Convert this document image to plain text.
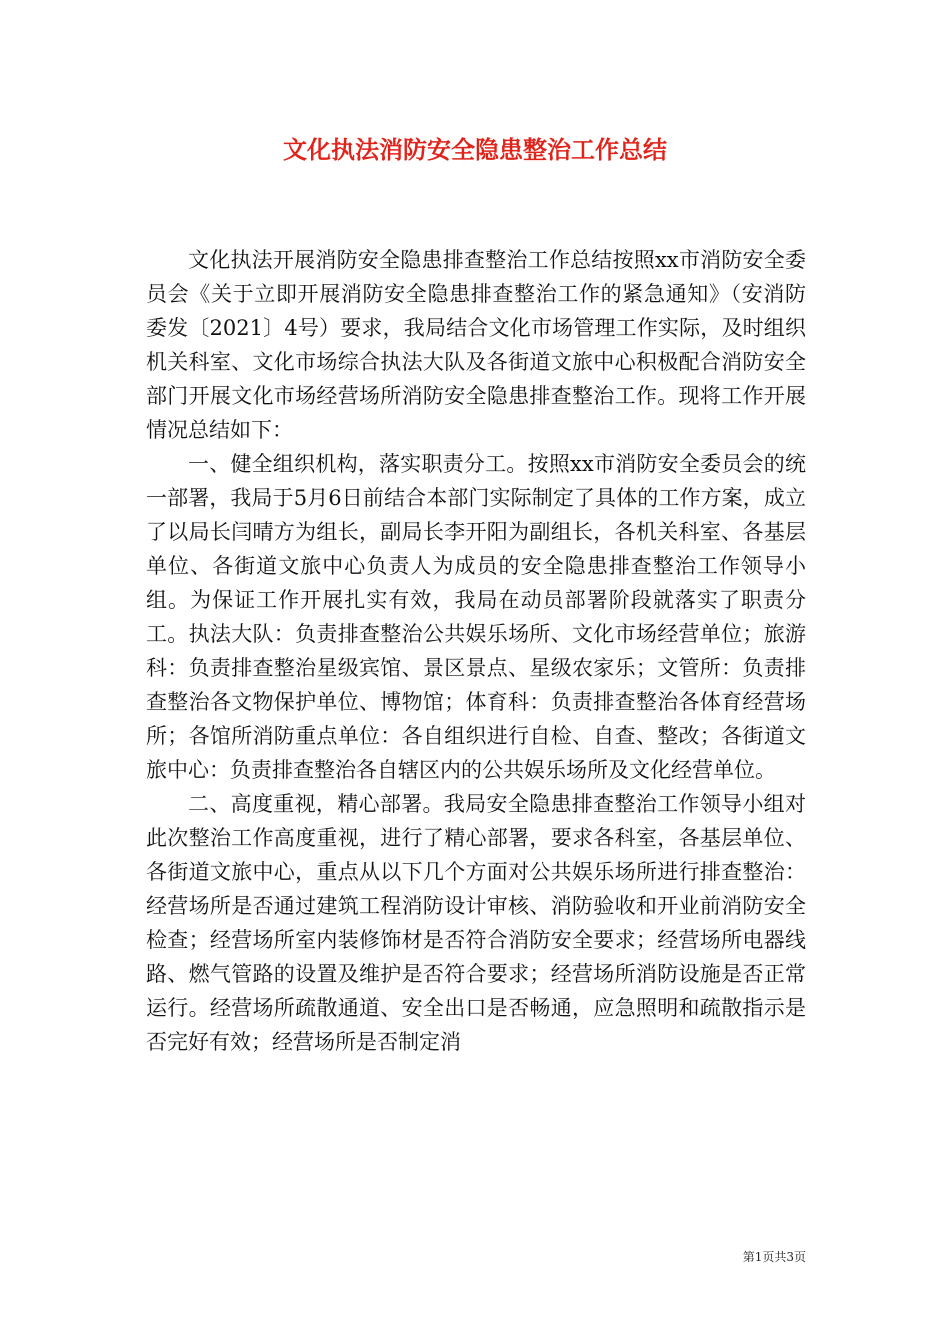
文化执法消防安全隐患整治工作总结

文化执法开展消防安全隐患排查整治工作总结按照xx市消防安全委员会《关于立即开展消防安全隐患排查整治工作的紧急通知》（安消防委发〔2021〕4号）要求，我局结合文化市场管理工作实际，及时组织机关科室、文化市场综合执法大队及各街道文旅中心积极配合消防安全部门开展文化市场经营场所消防安全隐患排查整治工作。现将工作开展情况总结如下：

一、健全组织机构，落实职责分工。按照xx市消防安全委员会的统一部署，我局于5月6日前结合本部门实际制定了具体的工作方案，成立了以局长闫晴方为组长，副局长李开阳为副组长，各机关科室、各基层单位、各街道文旅中心负责人为成员的安全隐患排查整治工作领导小组。为保证工作开展扎实有效，我局在动员部署阶段就落实了职责分工。执法大队：负责排查整治公共娱乐场所、文化市场经营单位；旅游科：负责排查整治星级宾馆、景区景点、星级农家乐；文管所：负责排查整治各文物保护单位、博物馆；体育科：负责排查整治各体育经营场所；各馆所消防重点单位：各自组织进行自检、自查、整改；各街道文旅中心：负责排查整治各自辖区内的公共娱乐场所及文化经营单位。

二、高度重视，精心部署。我局安全隐患排查整治工作领导小组对此次整治工作高度重视，进行了精心部署，要求各科室，各基层单位、各街道文旅中心，重点从以下几个方面对公共娱乐场所进行排查整治：经营场所是否通过建筑工程消防设计审核、消防验收和开业前消防安全检查；经营场所室内装修饰材是否符合消防安全要求；经营场所电器线路、燃气管路的设置及维护是否符合要求；经营场所消防设施是否正常运行。经营场所疏散通道、安全出口是否畅通，应急照明和疏散指示是否完好有效；经营场所是否制定消

第1页共3页
